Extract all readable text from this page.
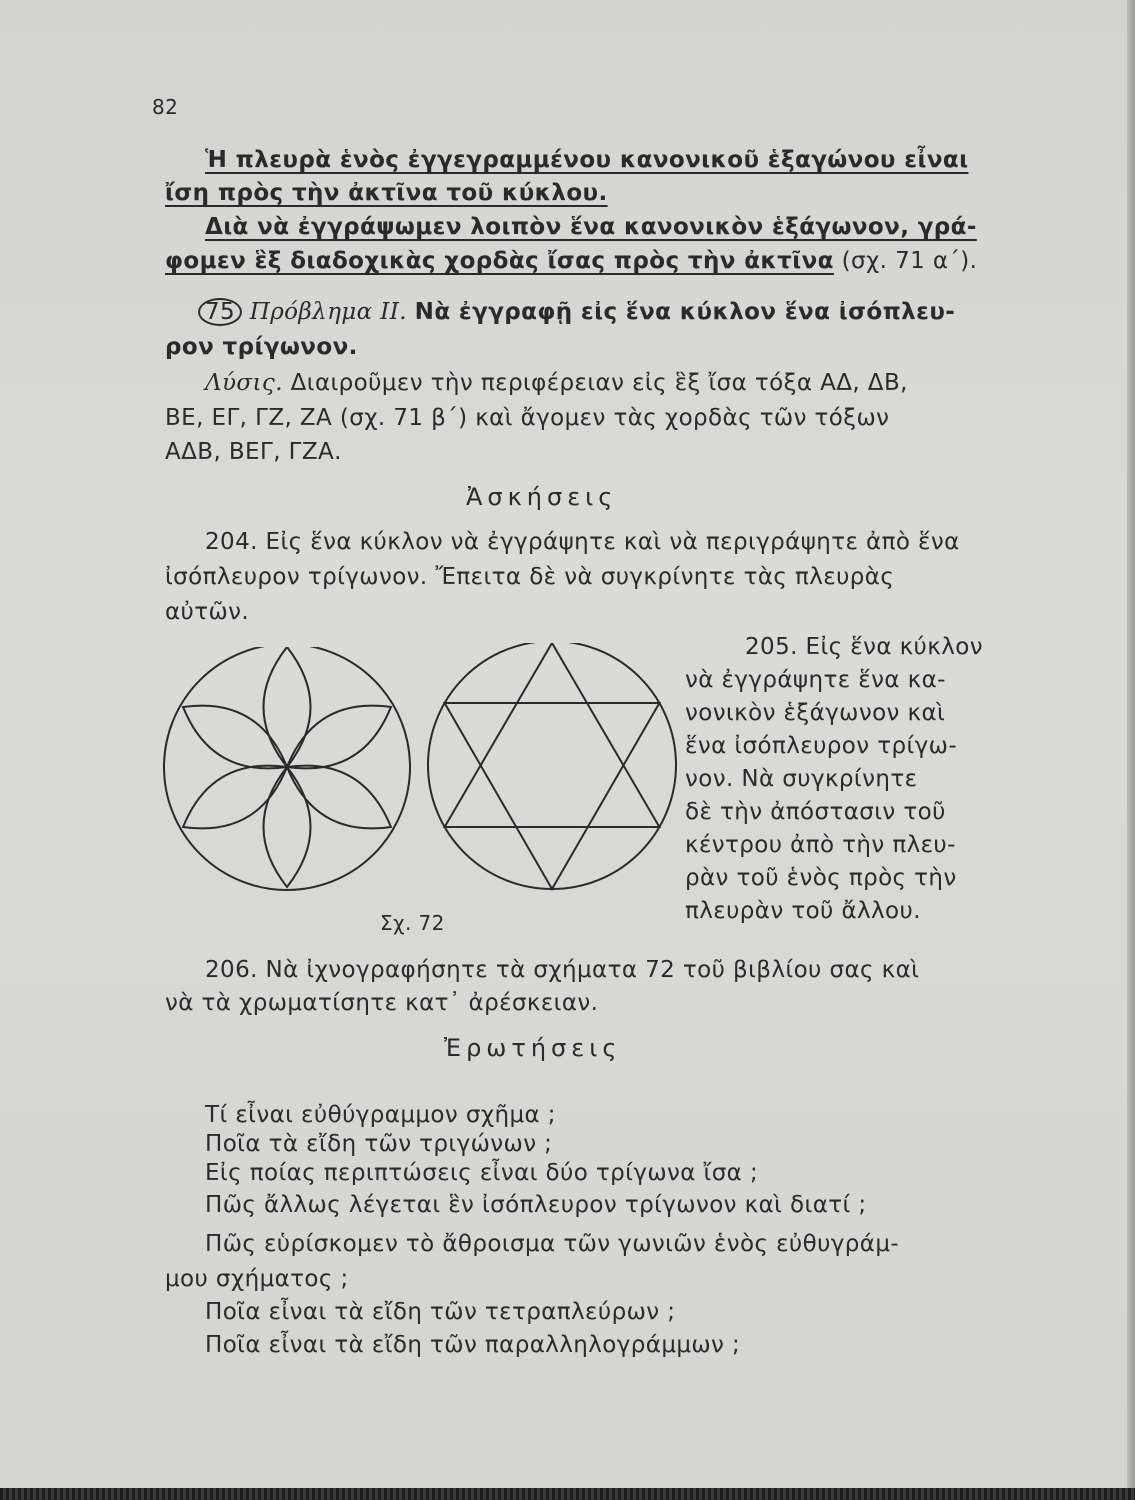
82
Ἡ πλευρὰ ἑνὸς ἐγγεγραμμένου κανονικοῦ ἑξαγώνου εἶναι
ἴση πρὸς τὴν ἀκτῖνα τοῦ κύκλου.
Διὰ νὰ ἐγγράψωμεν λοιπὸν ἕνα κανονικὸν ἑξάγωνον, γρά-
φομεν ἓξ διαδοχικὰς χορδὰς ἴσας πρὸς τὴν ἀκτῖνα (σχ. 71 α΄).
75 Πρόβλημα ΙΙ. Νὰ ἐγγραφῇ εἰς ἕνα κύκλον ἕνα ἰσόπλευ-
ρον τρίγωνον.
Λύσις. Διαιροῦμεν τὴν περιφέρειαν εἰς ἓξ ἴσα τόξα ΑΔ, ΔΒ,
ΒΕ, ΕΓ, ΓΖ, ΖΑ (σχ. 71 β΄) καὶ ἄγομεν τὰς χορδὰς τῶν τόξων
ΑΔΒ, ΒΕΓ, ΓΖΑ.
Ἀσκήσεις
204. Εἰς ἕνα κύκλον νὰ ἐγγράψητε καὶ νὰ περιγράψητε ἀπὸ ἕνα
ἰσόπλευρον τρίγωνον. Ἔπειτα δὲ νὰ συγκρίνητε τὰς πλευρὰς
αὐτῶν.
205. Εἰς ἕνα κύκλον
νὰ ἐγγράψητε ἕνα κα-
νονικὸν ἑξάγωνον καὶ
ἕνα ἰσόπλευρον τρίγω-
νον. Νὰ συγκρίνητε
δὲ τὴν ἀπόστασιν τοῦ
κέντρου ἀπὸ τὴν πλευ-
ρὰν τοῦ ἑνὸς πρὸς τὴν
πλευρὰν τοῦ ἄλλου.
Σχ. 72
206. Νὰ ἰχνογραφήσητε τὰ σχήματα 72 τοῦ βιβλίου σας καὶ
νὰ τὰ χρωματίσητε κατ᾽ ἀρέσκειαν.
Ἐρωτήσεις
Τί εἶναι εὐθύγραμμον σχῆμα ;
Ποῖα τὰ εἴδη τῶν τριγώνων ;
Εἰς ποίας περιπτώσεις εἶναι δύο τρίγωνα ἴσα ;
Πῶς ἄλλως λέγεται ἓν ἰσόπλευρον τρίγωνον καὶ διατί ;
Πῶς εὑρίσκομεν τὸ ἄθροισμα τῶν γωνιῶν ἑνὸς εὐθυγράμ-
μου σχήματος ;
Ποῖα εἶναι τὰ εἴδη τῶν τετραπλεύρων ;
Ποῖα εἶναι τὰ εἴδη τῶν παραλληλογράμμων ;
